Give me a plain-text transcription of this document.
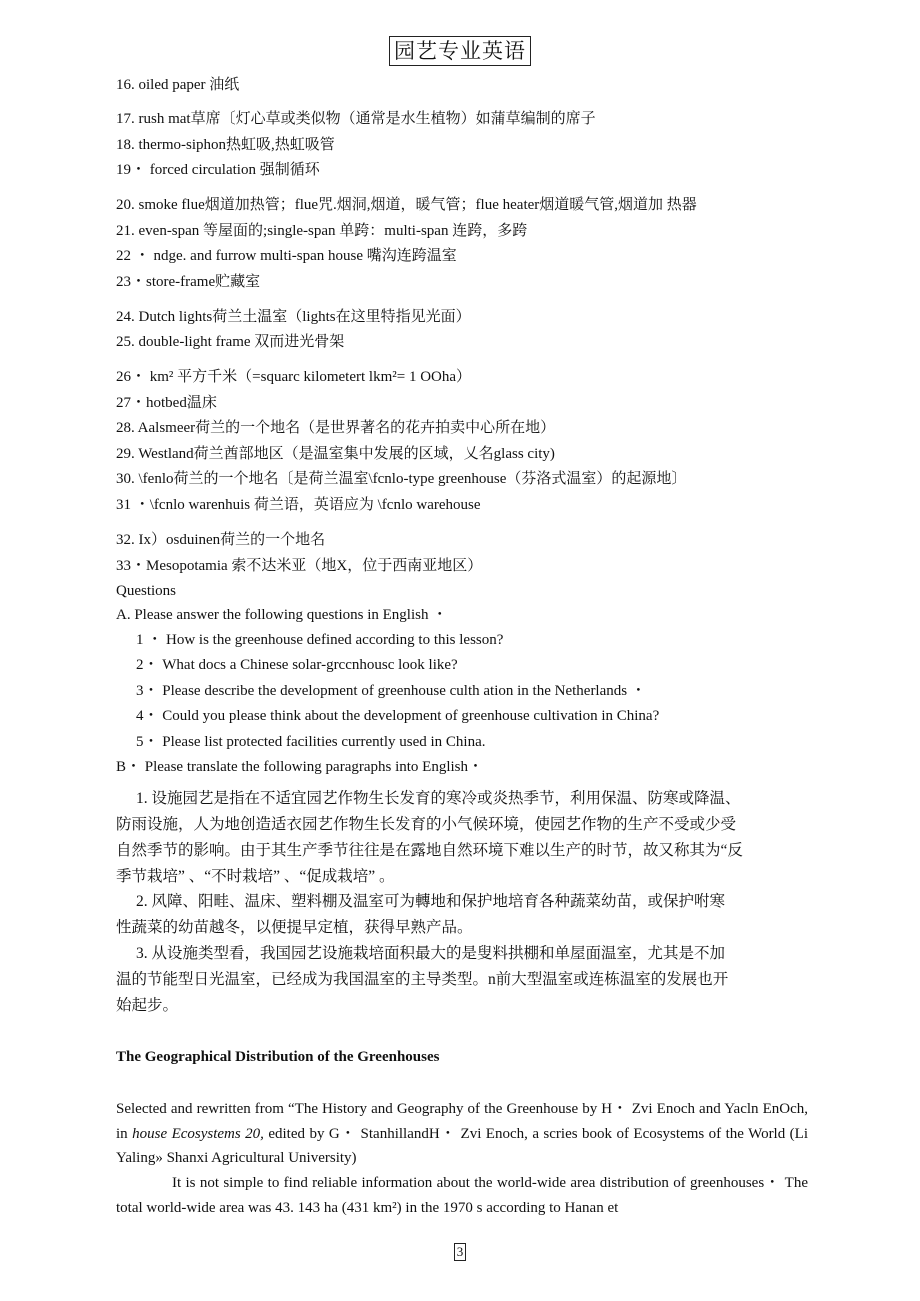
园艺专业英语
16. oiled paper 油纸
17. rush mat草席〔灯心草或类似物（通常是水生植物）如蒲草编制的席子
18. thermo-siphon热虹吸,热虹吸管
19・ forced circulation 强制循环
20. smoke flue烟道加热管；flue咒.烟洞,烟道，暖气管；flue heater烟道暖气管,烟道加 热器
21. even-span 等屋面的;single-span 单跨：multi-span 连跨，多跨
22 ・ ndge. and furrow multi-span house 嘴沟连跨温室
23・store-frame贮藏室
24. Dutch lights荷兰土温室（lights在这里特指见光面）
25. double-light frame 双而进光骨架
26・ km² 平方千米（=squarc kilometert lkm²= 1 OOha）
27・hotbed温床
28. Aalsmeer荷兰的一个地名（是世界著名的花卉拍卖中心所在地）
29. Westland荷兰酋部地区（是温室集中发展的区域，乂名glass city)
30. \fenlo荷兰的一个地名〔是荷兰温室\fcnlo-type greenhouse（芬洛式温室）的起源地〕
31 ・\fcnlo warenhuis 荷兰语，英语应为 \fcnlo warehouse
32. Ix）osduinen荷兰的一个地名
33・Mesopotamia 索不达米亚（地X，位于西南亚地区）
Questions
A. Please answer the following questions in English ・
1 ・ How is the greenhouse defined according to this lesson?
2・ What docs a Chinese solar-grccnhousc look like?
3・ Please describe the development of greenhouse culth ation in the Netherlands ・
4・ Could you please think about the development of greenhouse cultivation in China?
5・ Please list protected facilities currently used in China.
B・ Please translate the following paragraphs into English・

1. 设施园艺是指在不适宜园艺作物生长发育的寒冷或炎热季节，利用保温、防寒或降温、

防雨设施，人为地创造适衣园艺作物生长发育的小气候环境，使园艺作物的生产不受或少受

自然季节的影响。由于其生产季节往往是在露地自然环境下难以生产的时节，故又称其为“反

季节栽培” 、“不时栽培” 、“促成栽培” 。

2. 风障、阳畦、温床、塑料棚及温室可为轉地和保护地培育各种蔬菜幼苗，或保护咐寒

性蔬菜的幼苗越冬，以便提早定植，获得早熟产品。

3. 从设施类型看，我国园艺设施栽培面积最大的是叟料拱棚和单屋面温室，尤其是不加

温的节能型日光温室，已经成为我国温室的主导类型。n前大型温室或连栋温室的发展也开

始起步。

The Geographical Distribution of the Greenhouses

Selected and rewritten from “The History and Geography of the Greenhouse by H・ Zvi Enoch and Yacln EnOch, in house Ecosystems 20, edited by G・ StanhillandH・ Zvi Enoch, a scries book of Ecosystems of the World (Li Yaling» Shanxi Agricultural University)

It is not simple to find reliable information about the world-wide area distribution of greenhouses・ The total world-wide area was 43. 143 ha (431 km²) in the 1970 s according to Hanan et

3
